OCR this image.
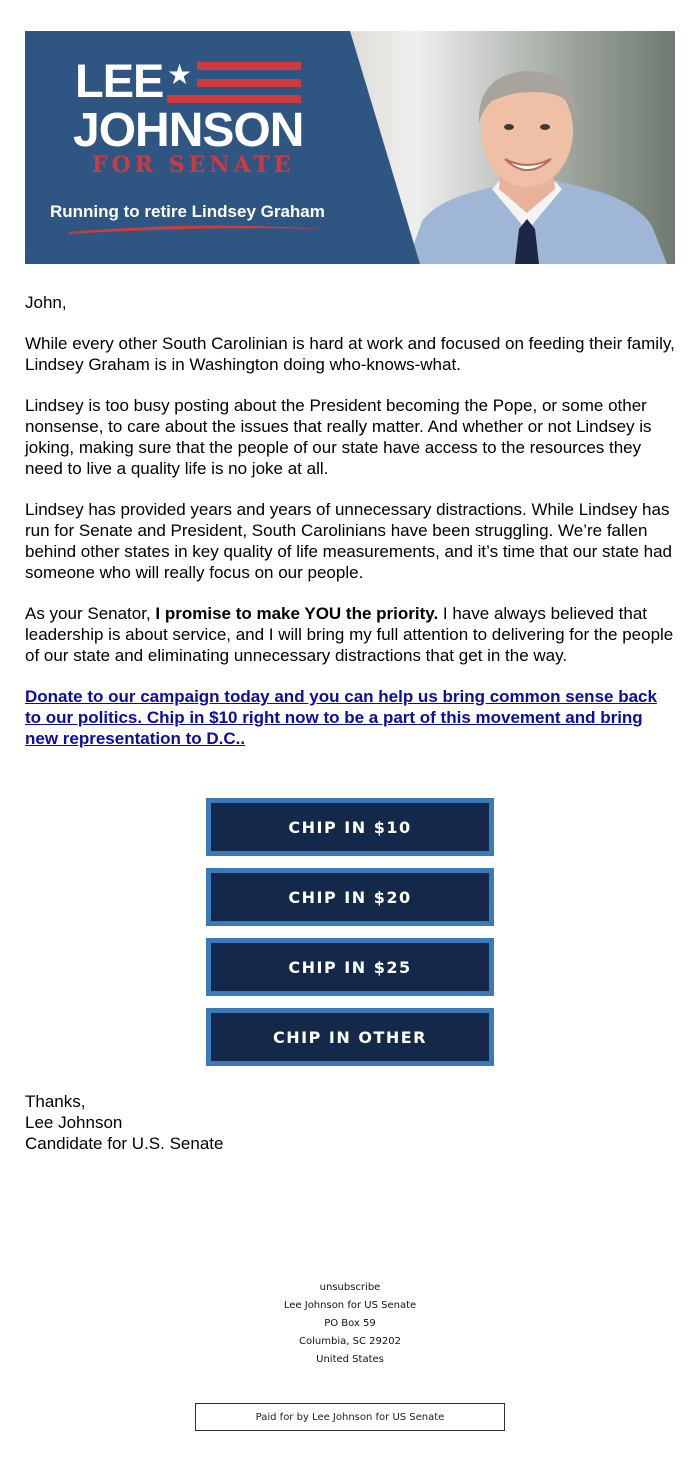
LEE ★
JOHNSON
FOR SENATE
Running to retire Lindsey Graham

John,

While every other South Carolinian is hard at work and focused on feeding their family, Lindsey Graham is in Washington doing who-knows-what.

Lindsey is too busy posting about the President becoming the Pope, or some other nonsense, to care about the issues that really matter. And whether or not Lindsey is joking, making sure that the people of our state have access to the resources they need to live a quality life is no joke at all.

Lindsey has provided years and years of unnecessary distractions. While Lindsey has run for Senate and President, South Carolinians have been struggling. We’re fallen behind other states in key quality of life measurements, and it’s time that our state had someone who will really focus on our people.

As your Senator, I promise to make YOU the priority. I have always believed that leadership is about service, and I will bring my full attention to delivering for the people of our state and eliminating unnecessary distractions that get in the way.

Donate to our campaign today and you can help us bring common sense back to our politics. Chip in $10 right now to be a part of this movement and bring new representation to D.C..

CHIP IN $10
CHIP IN $20
CHIP IN $25
CHIP IN OTHER
Thanks,
Lee Johnson
Candidate for U.S. Senate
unsubscribe
Lee Johnson for US Senate
PO Box 59
Columbia, SC 29202
United States
Paid for by Lee Johnson for US Senate
